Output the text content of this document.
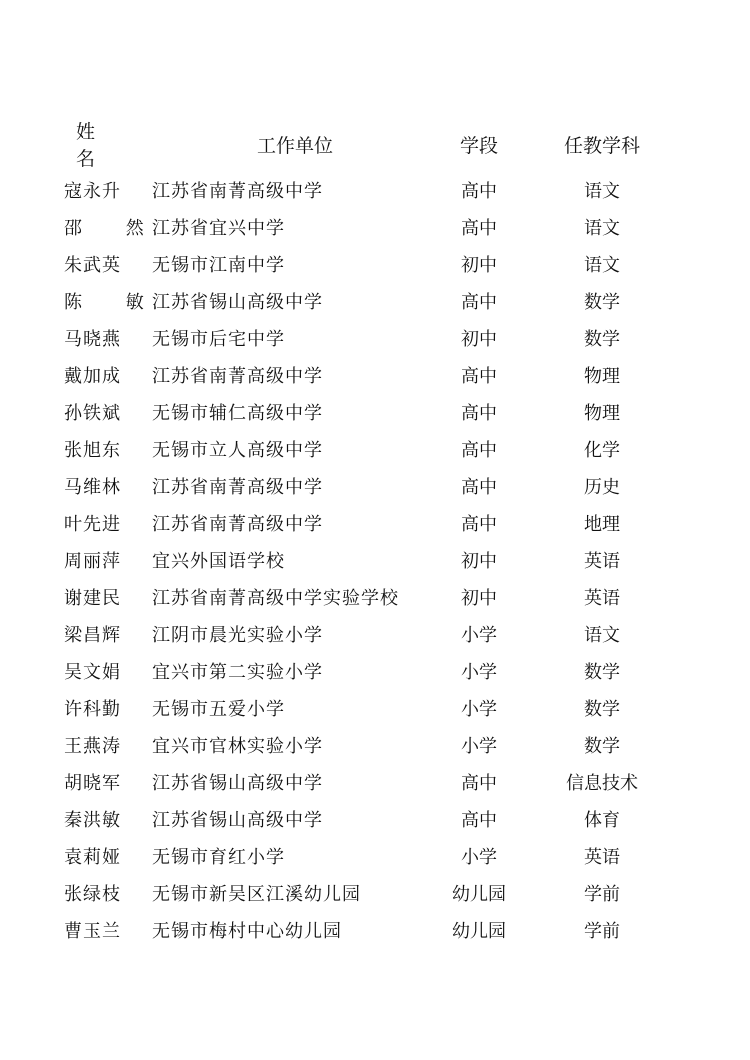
姓 名	工作单位	学段	任教学科
寇永升	江苏省南菁高级中学	高中	语文
邵 然	江苏省宜兴中学	高中	语文
朱武英	无锡市江南中学	初中	语文
陈 敏	江苏省锡山高级中学	高中	数学
马晓燕	无锡市后宅中学	初中	数学
戴加成	江苏省南菁高级中学	高中	物理
孙铁斌	无锡市辅仁高级中学	高中	物理
张旭东	无锡市立人高级中学	高中	化学
马维林	江苏省南菁高级中学	高中	历史
叶先进	江苏省南菁高级中学	高中	地理
周丽萍	宜兴外国语学校	初中	英语
谢建民	江苏省南菁高级中学实验学校	初中	英语
梁昌辉	江阴市晨光实验小学	小学	语文
吴文娟	宜兴市第二实验小学	小学	数学
许科勤	无锡市五爱小学	小学	数学
王燕涛	宜兴市官林实验小学	小学	数学
胡晓军	江苏省锡山高级中学	高中	信息技术
秦洪敏	江苏省锡山高级中学	高中	体育
袁莉娅	无锡市育红小学	小学	英语
张绿枝	无锡市新吴区江溪幼儿园	幼儿园	学前
曹玉兰	无锡市梅村中心幼儿园	幼儿园	学前
